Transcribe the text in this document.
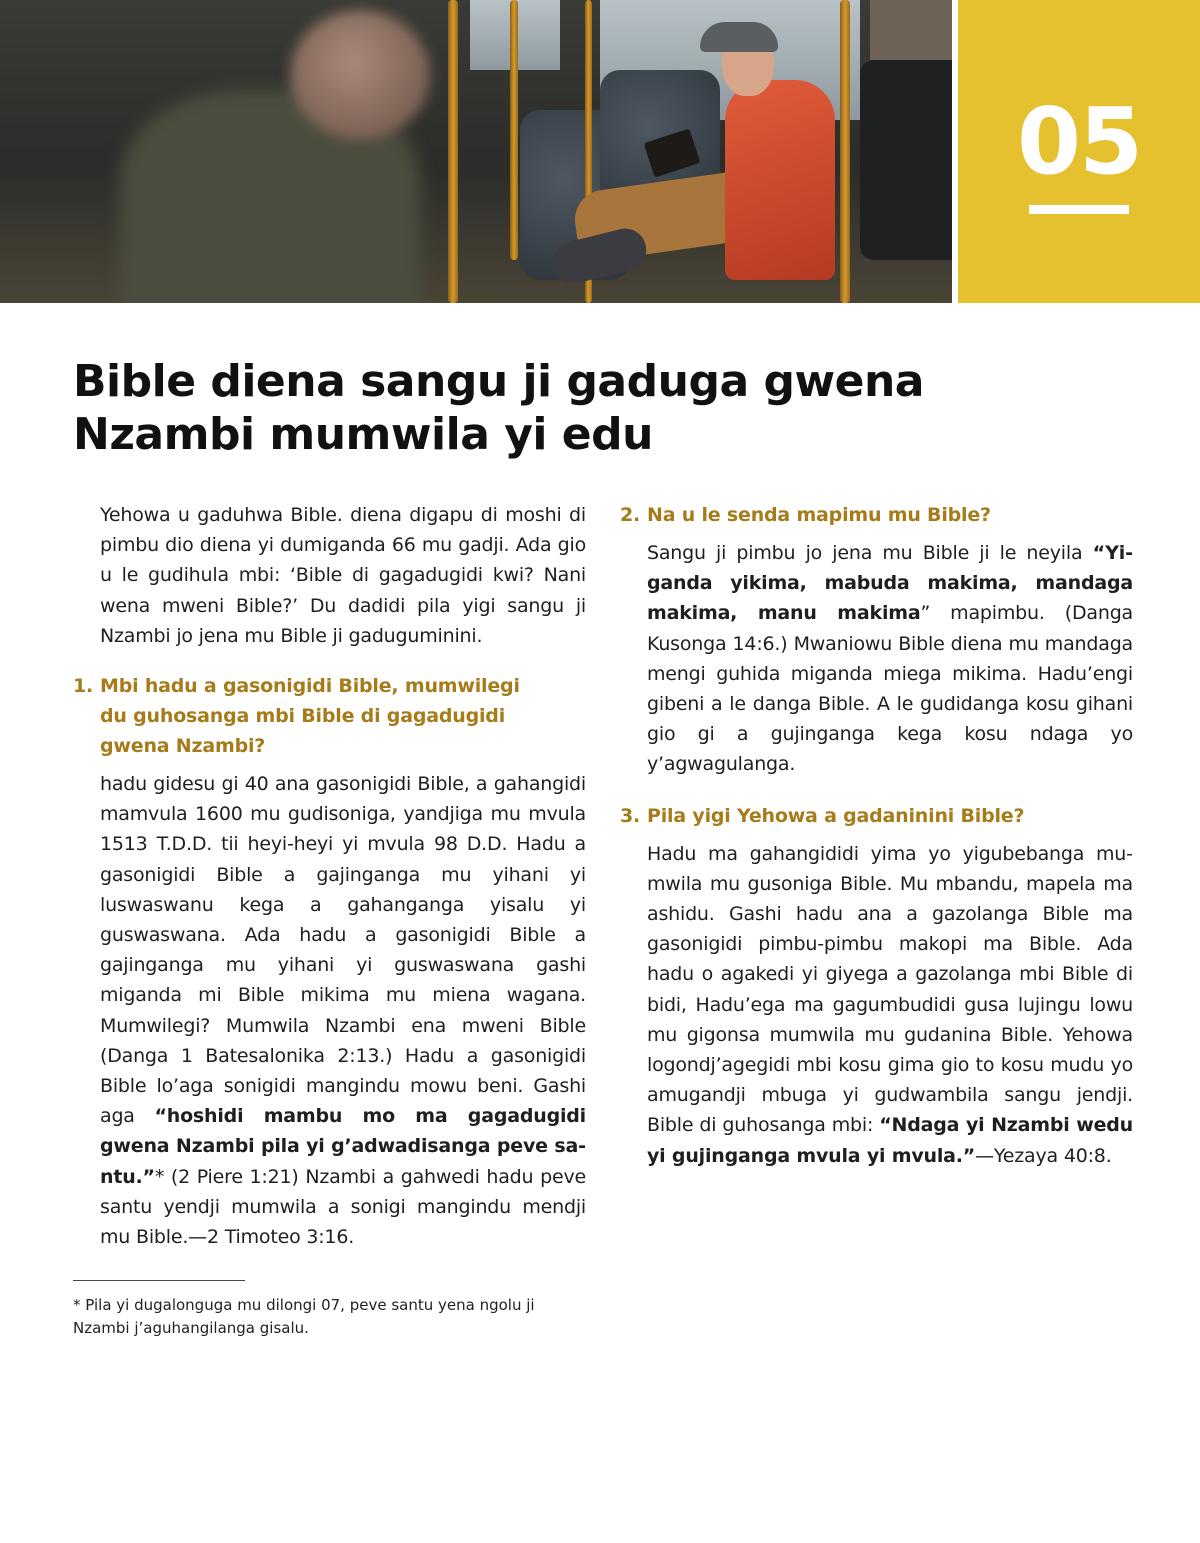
05
Bible diena sangu ji gaduga gwena
Nzambi mumwila yi edu

Yehowa u gaduhwa Bible. diena digapu di moshi di pimbu dio diena yi dumiganda 66 mu gadji. Ada gio u le gudihula mbi: ‘Bible di gagadugidi kwi? Nani wena mweni Bible?’ Du dadidi pila yigi sangu ji Nzambi jo jena mu Bible ji gaduguminini.

1. Mbi hadu a gasonigidi Bible, mumwilegi du guhosanga mbi Bible di gagadugidi gwena Nzambi?

hadu gidesu gi 40 ana gasonigidi Bible, a gahangidi mamvula 1600 mu gudisoniga, yandjiga mu mvula 1513 T.D.D. tii heyi-heyi yi mvula 98 D.D. Hadu a gasonigidi Bible a gajinganga mu yihani yi luswaswanu kega a gahanganga yisalu yi guswaswana. Ada hadu a gasonigidi Bible a gajinganga mu yihani yi guswaswana gashi miganda mi Bible mikima mu miena wagana. Mumwilegi? Mumwila Nzambi ena mweni Bible (Danga 1 Batesalonika 2:13.) Hadu a gasonigidi Bible lo’aga sonigidi mangindu mowu beni. Gashi aga “hoshidi mambu mo ma gagadugidi gwena Nzambi pila yi g’adwadisanga peve santu.”* (2 Piere 1:21) Nzambi a gahwedi hadu peve santu yendji mumwila a sonigi mangindu mendji mu Bible.—2 Timoteo 3:16.

2. Na u le senda mapimu mu Bible?

Sangu ji pimbu jo jena mu Bible ji le neyila “Yiganda yikima, mabuda makima, mandaga makima, manu makima” mapimbu. (Danga Kusonga 14:6.) Mwaniowu Bible diena mu mandaga mengi guhida miganda miega mikima. Hadu’engi gibeni a le danga Bible. A le gudidanga kosu gihani gio gi a gujinganga kega kosu ndaga yo y’agwagulanga.

3. Pila yigi Yehowa a gadaninini Bible?

Hadu ma gahangididi yima yo yigubebanga mumwila mu gusoniga Bible. Mu mbandu, mapela ma ashidu. Gashi hadu ana a gazolanga Bible ma gasonigidi pimbu-pimbu makopi ma Bible. Ada hadu o agakedi yi giyega a gazolanga mbi Bible di bidi, Hadu’ega ma gagumbudidi gusa lujingu lowu mu gigonsa mumwila mu gudanina Bible. Yehowa logondj’agegidi mbi kosu gima gio to kosu mudu yo amugandji mbuga yi gudwambila sangu jendji. Bible di guhosanga mbi: “Ndaga yi Nzambi wedu yi gujinganga mvula yi mvula.”—Yezaya 40:8.

* Pila yi dugalonguga mu dilongi 07, peve santu yena ngolu ji Nzambi j’aguhangilanga gisalu.
